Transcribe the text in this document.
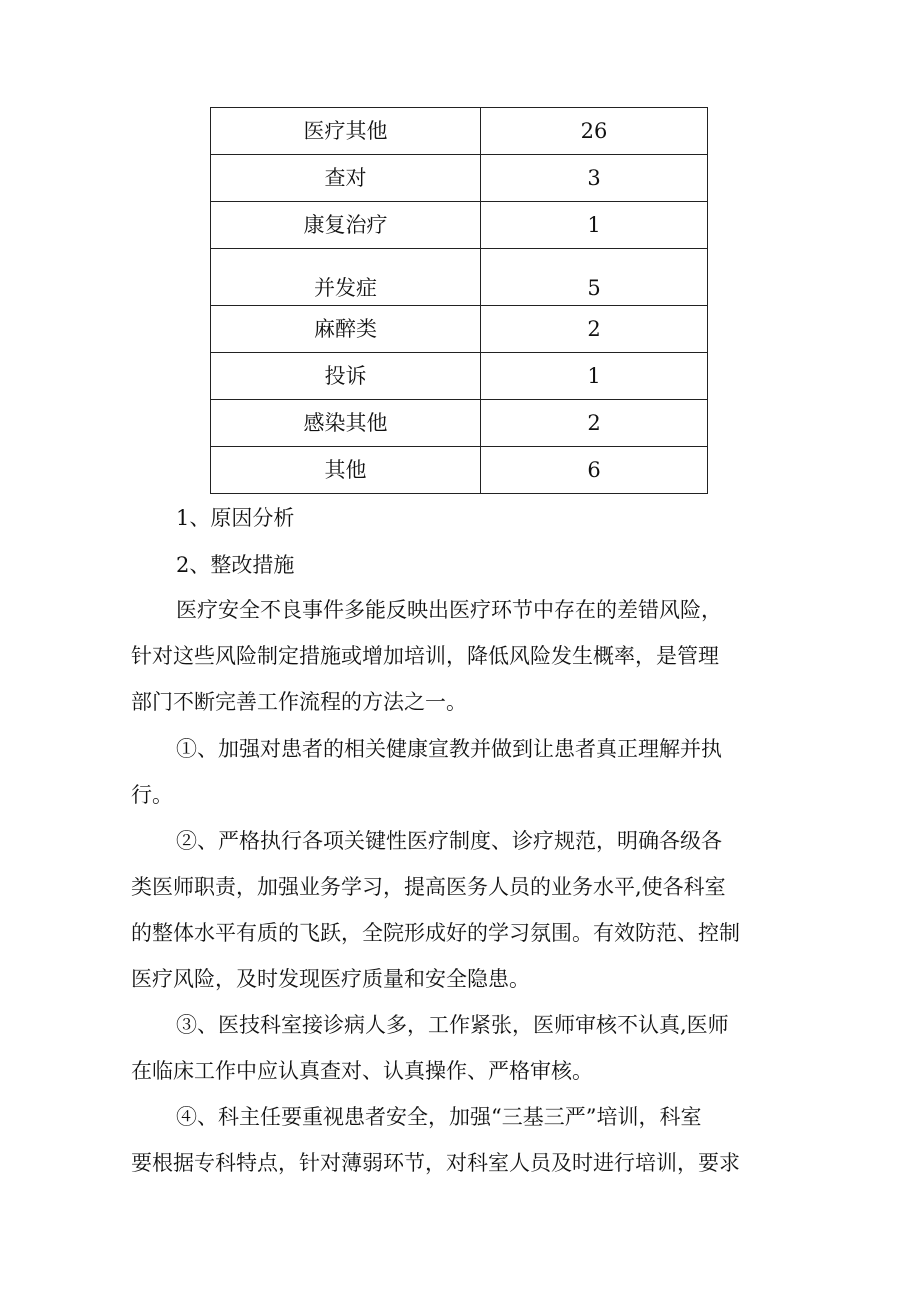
医疗其他	26
查对	3
康复治疗	1
并发症	5
麻醉类	2
投诉	1
感染其他	2
其他	6

1、原因分析

2、整改措施

医疗安全不良事件多能反映出医疗环节中存在的差错风险，

针对这些风险制定措施或增加培训，降低风险发生概率，是管理

部门不断完善工作流程的方法之一。

①、加强对患者的相关健康宣教并做到让患者真正理解并执

行。

②、严格执行各项关键性医疗制度、诊疗规范，明确各级各

类医师职责，加强业务学习，提高医务人员的业务水平,使各科室

的整体水平有质的飞跃，全院形成好的学习氛围。有效防范、控制

医疗风险，及时发现医疗质量和安全隐患。

③、医技科室接诊病人多，工作紧张，医师审核不认真,医师

在临床工作中应认真查对、认真操作、严格审核。

④、科主任要重视患者安全，加强“三基三严”培训，科室

要根据专科特点，针对薄弱环节，对科室人员及时进行培训，要求
